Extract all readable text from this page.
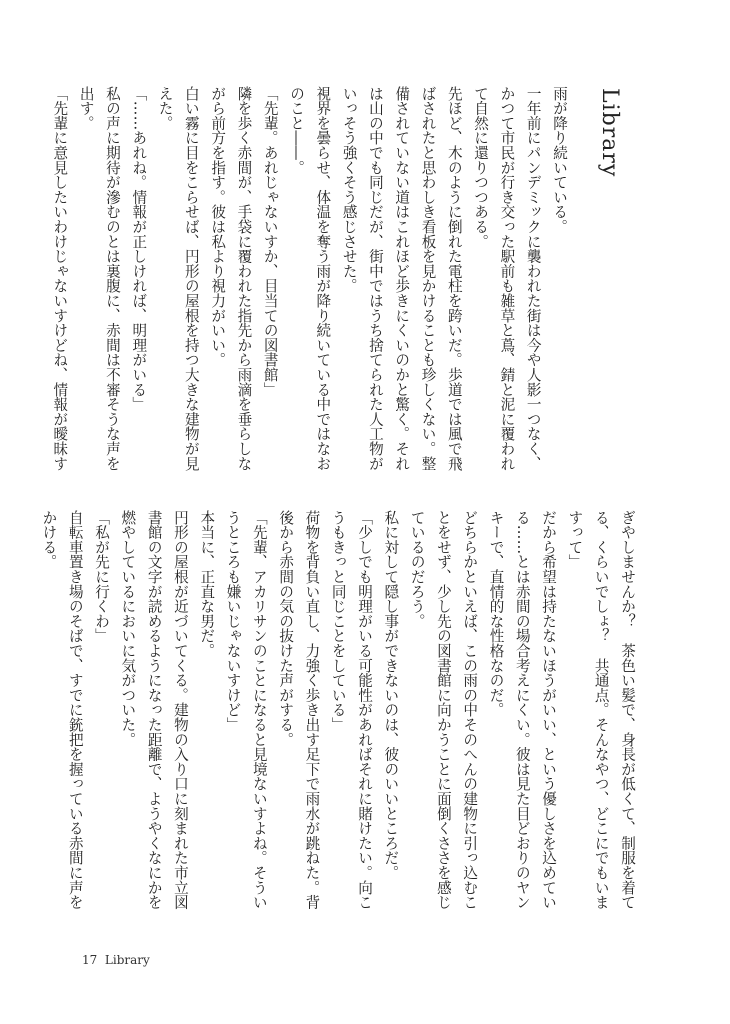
Library

雨が降り続いている。

一年前にパンデミックに襲われた街は今や人影一つなく、かつて市民が行き交った駅前も雑草と蔦、錆と泥に覆われて自然に還りつつある。

先ほど、木のように倒れた電柱を跨いだ。歩道では風で飛ばされたと思わしき看板を見かけることも珍しくない。整備されていない道はこれほど歩きにくいのかと驚く。それは山の中でも同じだが、街中ではうち捨てられた人工物がいっそう強くそう感じさせた。

視界を曇らせ、体温を奪う雨が降り続いている中ではなおのこと――。

「先輩。あれじゃないすか、目当ての図書館」

隣を歩く赤間が、手袋に覆われた指先から雨滴を垂らしながら前方を指す。彼は私より視力がいい。

白い霧に目をこらせば、円形の屋根を持つ大きな建物が見えた。

「……あれね。情報が正しければ、明理がいる」

私の声に期待が滲むのとは裏腹に、赤間は不審そうな声を出す。

「先輩に意見したいわけじゃないすけどね、情報が曖昧す

ぎやしませんか？　茶色い髪で、身長が低くて、制服を着てる、くらいでしょ？　共通点。そんなやつ、どこにでもいますって」

だから希望は持たないほうがいい、という優しさを込めている……とは赤間の場合考えにくい。彼は見た目どおりのヤンキーで、直情的な性格なのだ。

どちらかといえば、この雨の中そのへんの建物に引っ込むことをせず、少し先の図書館に向かうことに面倒くささを感じているのだろう。

私に対して隠し事ができないのは、彼のいいところだ。

「少しでも明理がいる可能性があればそれに賭けたい。向こうもきっと同じことをしている」

荷物を背負い直し、力強く歩き出す足下で雨水が跳ねた。背後から赤間の気の抜けた声がする。

「先輩、アカリサンのことになると見境ないすよね。そういうところも嫌いじゃないすけど」

本当に、正直な男だ。

円形の屋根が近づいてくる。建物の入り口に刻まれた市立図書館の文字が読めるようになった距離で、ようやくなにかを燃やしているにおいに気がついた。

「私が先に行くわ」

自転車置き場のそばで、すでに銃把を握っている赤間に声をかける。

17 Library
